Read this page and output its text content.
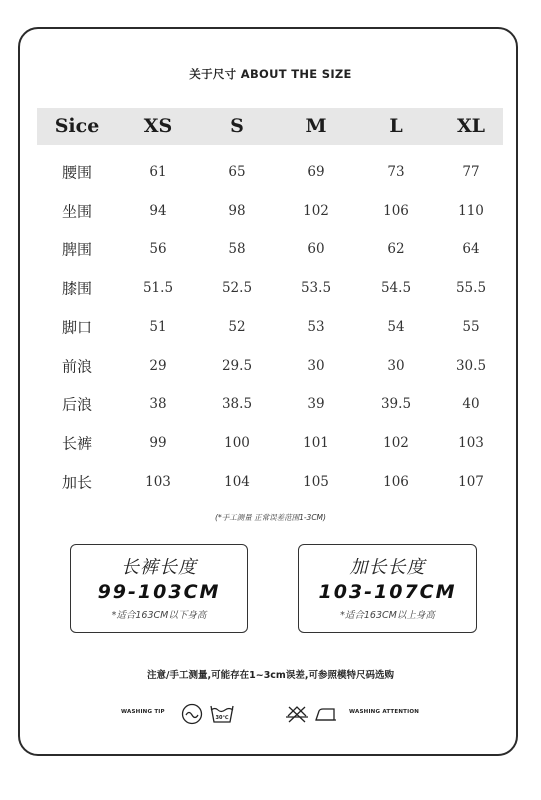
关于尺寸 ABOUT THE SIZE
Sice XS	S	M	L	XL
腰围	61	65	69	73	77
坐围	94	98	102	106	110
脾围	56	58	60	62	64
膝围	51.5	52.5	53.5	54.5	55.5
脚口	51	52	53	54	55
前浪	29	29.5	30	30	30.5
后浪	38	38.5	39	39.5	40
长裤	99	100	101	102	103
加长	103	104	105	106	107
(*手工测量 正常误差范围1-3CM)
长裤长度
99-103CM
*适合163CM以下身高
加长长度
103-107CM
*适合163CM以上身高
注意/手工测量,可能存在1~3cm误差,可参照模特尺码选购
WASHING TIP
30℃
WASHING ATTENTION
